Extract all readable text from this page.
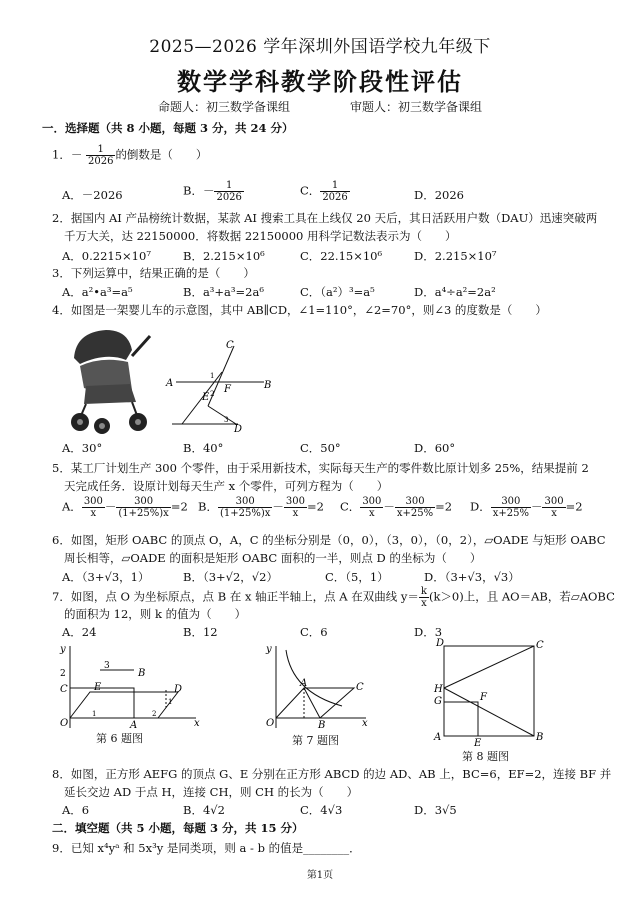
2025—2026 学年深圳外国语学校九年级下
数学学科教学阶段性评估
命题人：初三数学备课组	审题人：初三数学备课组
一．选择题（共 8 小题，每题 3 分，共 24 分）
1．－ $\frac{1}{2026}$ 的倒数是（　　）
A．－2026	B．－ $\frac{1}{2026}$	C． $\frac{1}{2026}$	D．2026
2．据国内 AI 产品榜统计数据，某款 AI 搜索工具在上线仅 20 天后，其日活跃用户数（DAU）迅速突破两
千万大关，达 22150000．将数据 22150000 用科学记数法表示为（　　）
A．0.2215×10⁷	B．2.215×10⁶	C．22.15×10⁶	D．2.215×10⁷
3．下列运算中，结果正确的是（　　）
A．a²•a³=a⁵	B．a³+a³=2a⁶	C．（a²）³=a⁵	D．a⁴÷a²=2a²
4．如图是一架婴儿车的示意图，其中 AB∥CD，∠1=110°，∠2=70°，则∠3 的度数是（　　）
C
A	B
F
E
D
1
2
3
A．30°	B．40°	C．50°	D．60°
5．某工厂计划生产 300 个零件，由于采用新技术，实际每天生产的零件数比原计划多 25%，结果提前 2
天完成任务．设原计划每天生产 x 个零件，可列方程为（　　）
A． $\frac{300}{x} - \frac{300}{(1+25\%)x} =2$ B． $\frac{300}{(1+25\%)x} - \frac{300}{x} =2$ C． $\frac{300}{x} - \frac{300}{x+25\%} =2$ D． $\frac{300}{x+25\%} - \frac{300}{x} =2$
6．如图，矩形 OABC 的顶点 O，A，C 的坐标分别是（0，0），（3，0），（0，2），▱OADE 与矩形 OABC
周长相等，▱OADE 的面积是矩形 OABC 面积的一半，则点 D 的坐标为（　　）
A．（3+√3，1）	B．（3+√2，√2）	C．（5，1）	D．（3+√3，√3）
7．如图，点 O 为坐标原点，点 B 在 x 轴正半轴上，点 A 在双曲线 $y= \frac{k}{x} (k>0)$上，且 AO＝AB，若▱AOBC
的面积为 12，则 k 的值为（　　）
A．24	B．12	C．6	D．3
y
3
2
C
B
E	D
O	A	x
1	2
1
第 6 题图
y
A	C
O	B	x
第 7 题图
D	C
H
G	F
A
E
B
第 8 题图
8．如图，正方形 AEFG 的顶点 G、E 分别在正方形 ABCD 的边 AD、AB 上，BC=6，EF=2，连接 BF 并
延长交边 AD 于点 H，连接 CH，则 CH 的长为（　　）
A．6	B．4√2	C．4√3	D．3√5
二．填空题（共 5 小题，每题 3 分，共 15 分）
9．已知 x⁴yᵃ 和 5x³y 是同类项，则 a - b 的值是________．
第1页
